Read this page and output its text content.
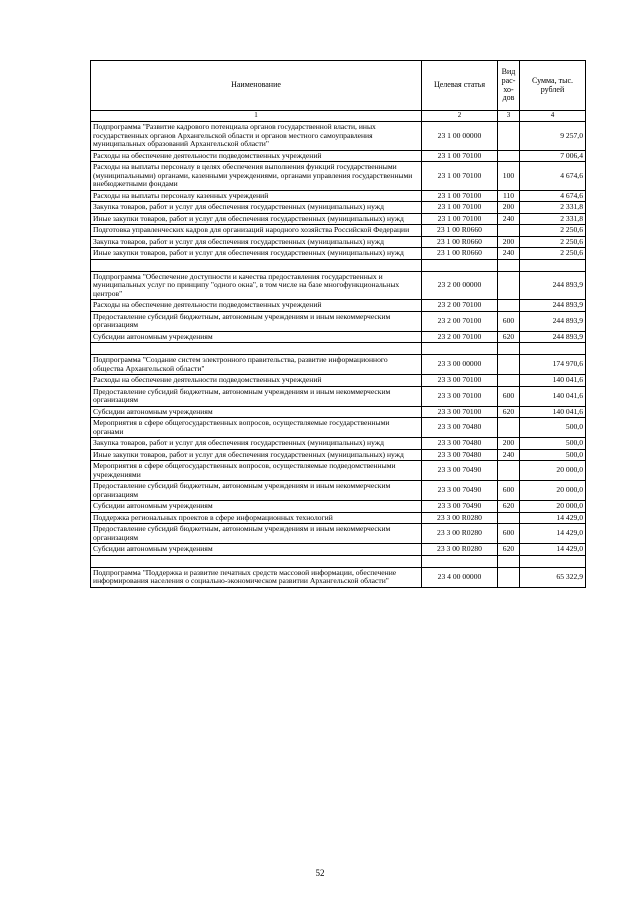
Наименование	Целевая статья	Вид рас-хо-дов	Сумма, тыс. рублей
1	2	3	4
Подпрограмма "Развитие кадрового потенциала органов государственной власти, иных государственных органов Архангельской области и органов местного самоуправления муниципальных образований Архангельской области"	23 1 00 00000		9 257,0
Расходы на обеспечение деятельности подведомственных учреждений	23 1 00 70100		7 006,4
Расходы на выплаты персоналу в целях обеспечения выполнения функций государственными (муниципальными) органами, казенными учреждениями, органами управления государственными внебюджетными фондами	23 1 00 70100	100	4 674,6
Расходы на выплаты персоналу казенных учреждений	23 1 00 70100	110	4 674,6
Закупка товаров, работ и услуг для обеспечения государственных (муниципальных) нужд	23 1 00 70100	200	2 331,8
Иные закупки товаров, работ и услуг для обеспечения государственных (муниципальных) нужд	23 1 00 70100	240	2 331,8
Подготовка управленческих кадров для организаций народного хозяйства Российской Федерации	23 1 00 R0660		2 250,6
Закупка товаров, работ и услуг для обеспечения государственных (муниципальных) нужд	23 1 00 R0660	200	2 250,6
Иные закупки товаров, работ и услуг для обеспечения государственных (муниципальных) нужд	23 1 00 R0660	240	2 250,6

Подпрограмма "Обеспечение доступности и качества предоставления государственных и муниципальных услуг по принципу "одного окна", в том числе на базе многофункциональных центров"	23 2 00 00000		244 893,9
Расходы на обеспечение деятельности подведомственных учреждений	23 2 00 70100		244 893,9
Предоставление субсидий бюджетным, автономным учреждениям и иным некоммерческим организациям	23 2 00 70100	600	244 893,9
Субсидии автономным учреждениям	23 2 00 70100	620	244 893,9

Подпрограмма "Создание систем электронного правительства, развитие информационного общества Архангельской области"	23 3 00 00000		174 970,6
Расходы на обеспечение деятельности подведомственных учреждений	23 3 00 70100		140 041,6
Предоставление субсидий бюджетным, автономным учреждениям и иным некоммерческим организациям	23 3 00 70100	600	140 041,6
Субсидии автономным учреждениям	23 3 00 70100	620	140 041,6
Мероприятия в сфере общегосударственных вопросов, осуществляемые государственными органами	23 3 00 70480		500,0
Закупка товаров, работ и услуг для обеспечения государственных (муниципальных) нужд	23 3 00 70480	200	500,0
Иные закупки товаров, работ и услуг для обеспечения государственных (муниципальных) нужд	23 3 00 70480	240	500,0
Мероприятия в сфере общегосударственных вопросов, осуществляемые подведомственными учреждениями	23 3 00 70490		20 000,0
Предоставление субсидий бюджетным, автономным учреждениям и иным некоммерческим организациям	23 3 00 70490	600	20 000,0
Субсидии автономным учреждениям	23 3 00 70490	620	20 000,0
Поддержка региональных проектов в сфере информационных технологий	23 3 00 R0280		14 429,0
Предоставление субсидий бюджетным, автономным учреждениям и иным некоммерческим организациям	23 3 00 R0280	600	14 429,0
Субсидии автономным учреждениям	23 3 00 R0280	620	14 429,0

Подпрограмма "Поддержка и развитие печатных средств массовой информации, обеспечение информирования населения о социально-экономическом развитии Архангельской области"	23 4 00 00000		65 322,9
52
